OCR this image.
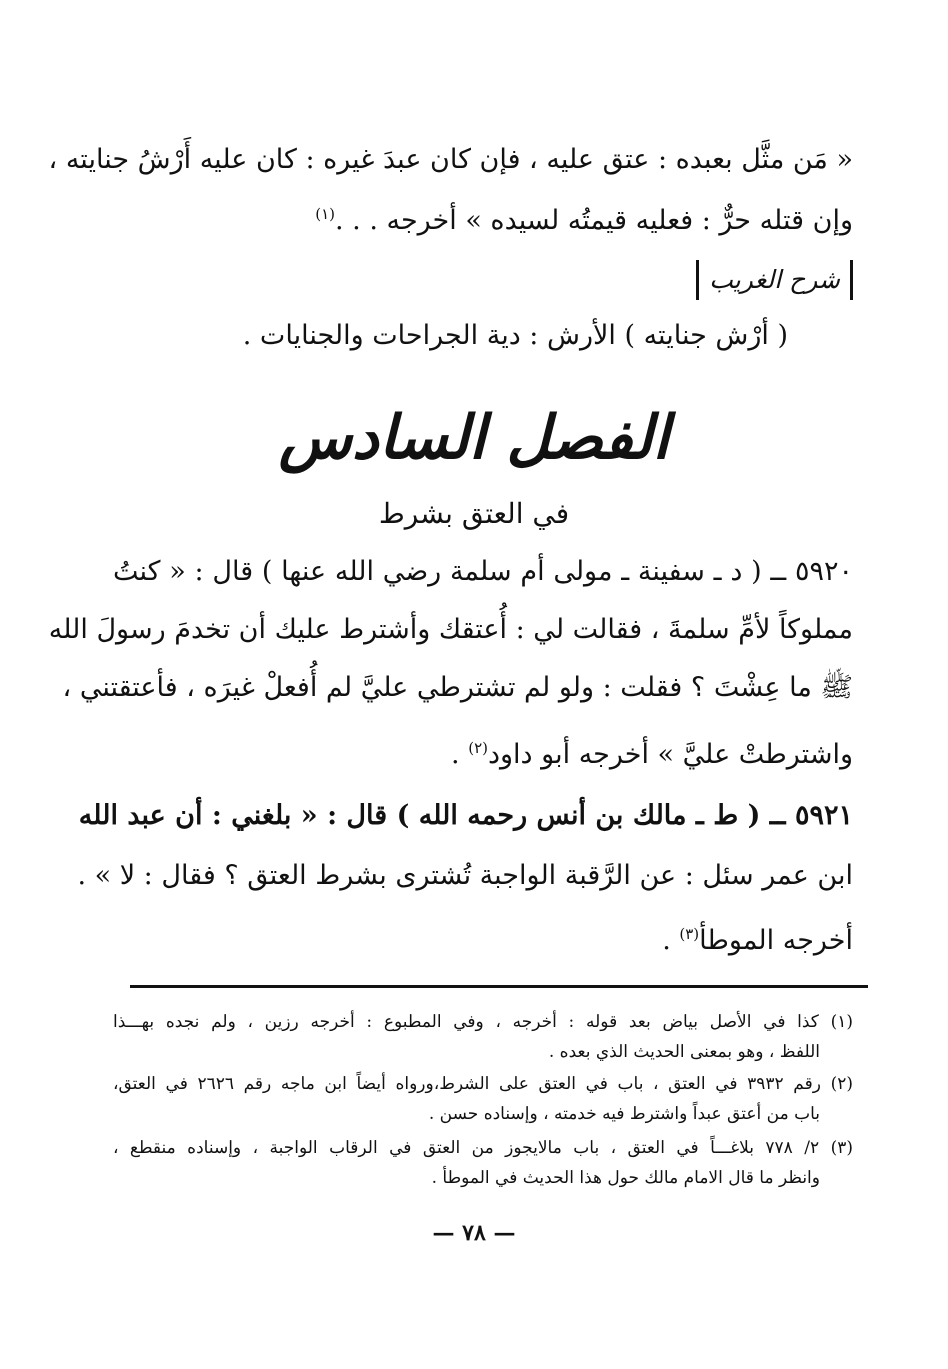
« مَن مثَّل بعبده : عتق عليه ، فإن كان عبدَ غيره : كان عليه أَرْشُ جنايته ،
وإن قتله حرٌّ : فعليه قيمتُه لسيده » أخرجه . . .$^{(١)}$
شرح الغريب
( أرْش جنايته ) الأرش : دية الجراحات والجنايات .
الفصل السادس
في العتق بشرط
٥٩٢٠ ــ ( د ـ سفينة ـ مولى أم سلمة رضي الله عنها ) قال : « كنتُ
مملوكاً لأمِّ سلمةَ ، فقالت لي : أُعتقك وأشترط عليك أن تخدمَ رسولَ الله
ﷺ ما عِشْتَ ؟ فقلت : ولو لم تشترطي عليَّ لم أُفعلْ غيرَه ، فأعتقتني ،
واشترطتْ عليَّ » أخرجه أبو داود$^{(٢)}$ .
٥٩٢١ ــ ( ط ـ مالك بن أنس رحمه الله ) قال : « بلغني : أن عبد الله
ابن عمر سئل : عن الرَّقبة الواجبة تُشترى بشرط العتق ؟ فقال : لا » .
أخرجه الموطأ$^{(٣)}$ .
(١) كذا في الأصل بياض بعد قوله : أخرجه ، وفي المطبوع : أخرجه رزين ، ولم نجده بهـــذا
اللفظ ، وهو بمعنى الحديث الذي بعده .
(٢) رقم ٣٩٣٢ في العتق ، باب في العتق على الشرط،ورواه أيضاً ابن ماجه رقم ٢٦٢٦ في العتق،
باب من أعتق عبداً واشترط فيه خدمته ، وإسناده حسن .
(٣) ٢/ ٧٧٨ بلاغـــاً في العتق ، باب مالايجوز من العتق في الرقاب الواجبة ، وإسناده منقطع ،
وانظر ما قال الامام مالك حول هذا الحديث في الموطأ .
— ٧٨ —
